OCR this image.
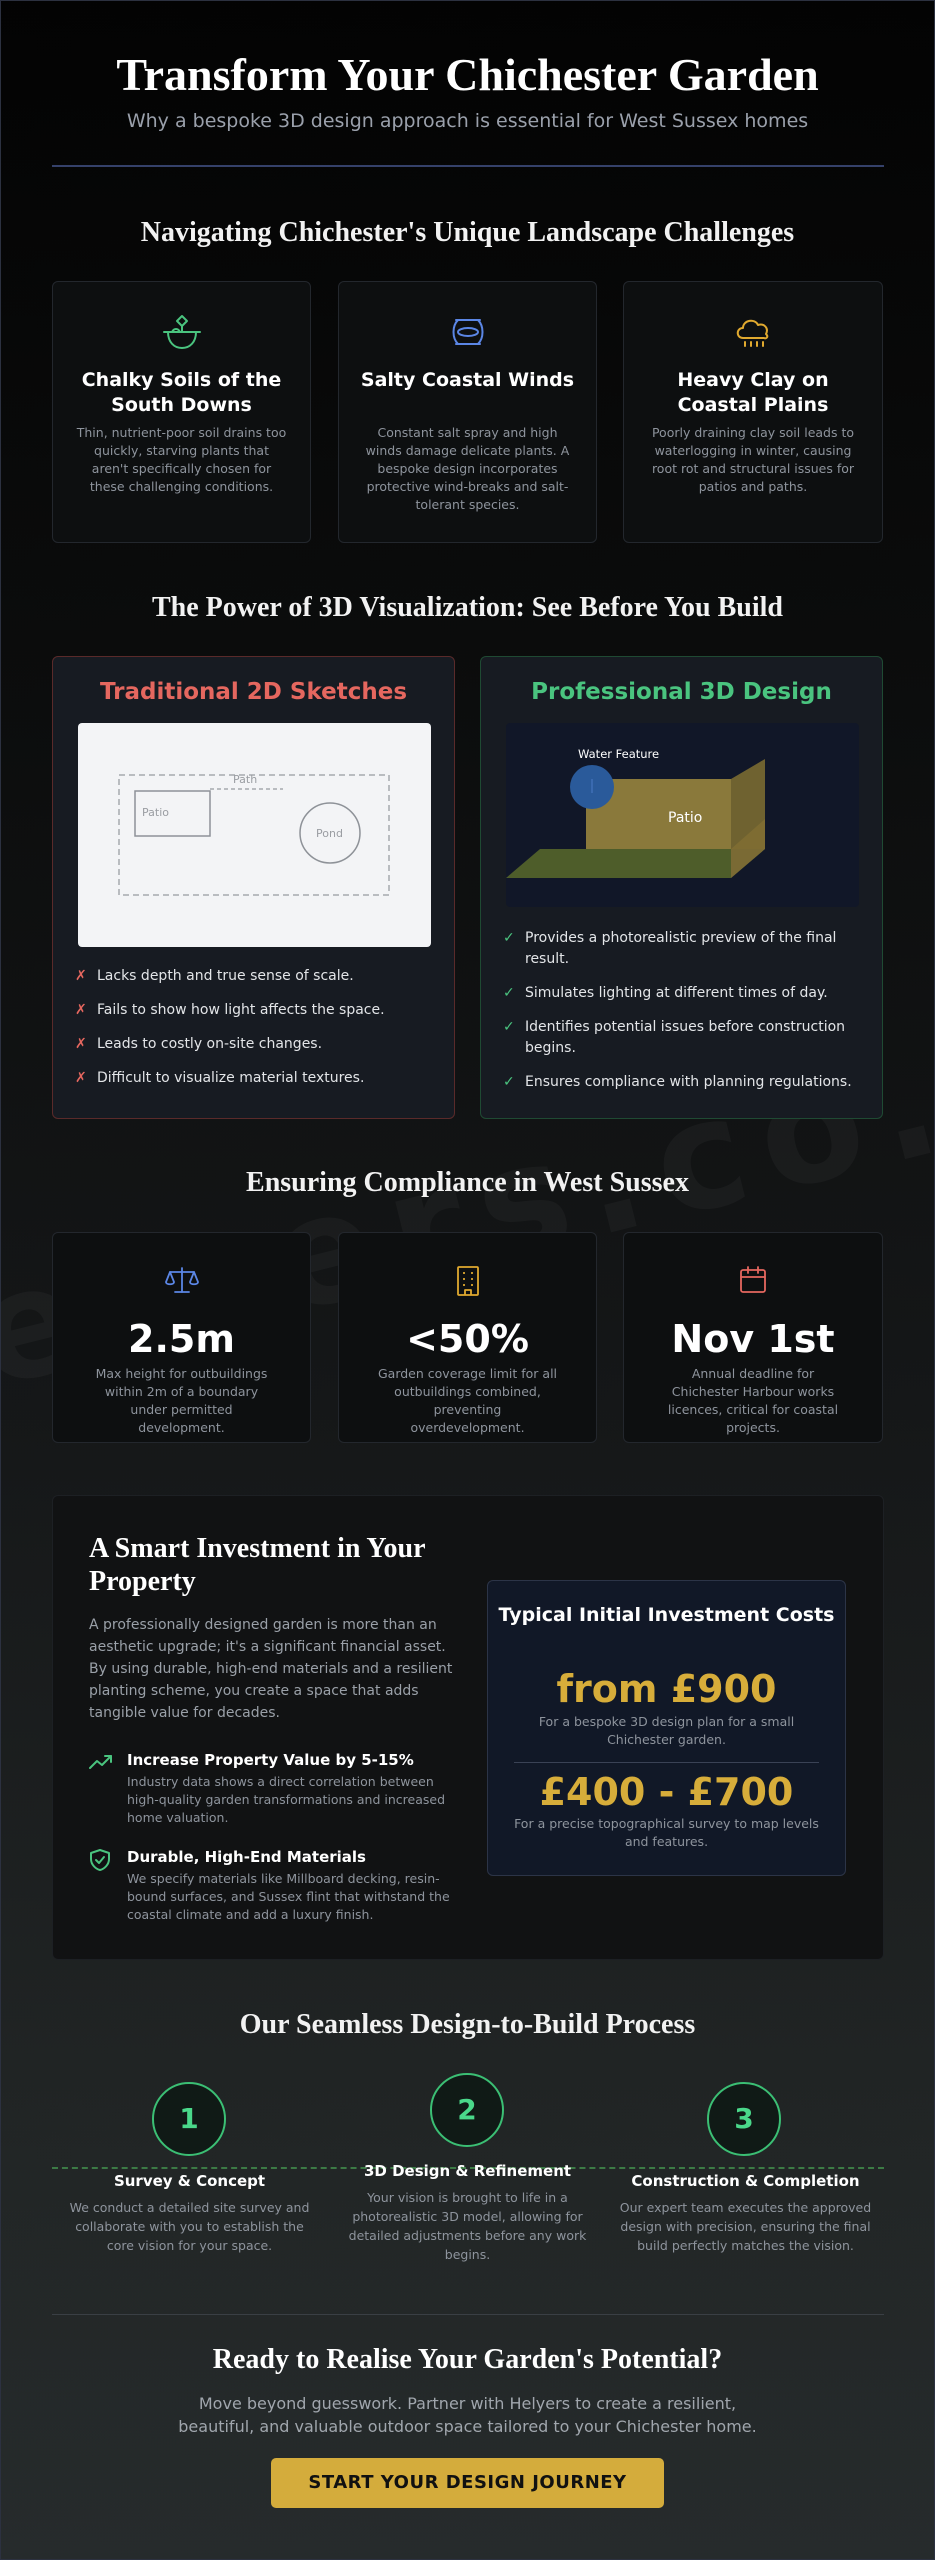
Transform Your Chichester Garden

Why a bespoke 3D design approach is essential for West Sussex homes

Navigating Chichester's Unique Landscape Challenges
Chalky Soils of the South Downs
Thin, nutrient-poor soil drains too quickly, starving plants that aren't specifically chosen for these challenging conditions.
Salty Coastal Winds
Constant salt spray and high winds damage delicate plants. A bespoke design incorporates protective wind-breaks and salt-tolerant species.
Heavy Clay on Coastal Plains
Poorly draining clay soil leads to waterlogging in winter, causing root rot and structural issues for patios and paths.
The Power of 3D Visualization: See Before You Build
Traditional 2D Sketches
Path
Patio
Pond
✗ Lacks depth and true sense of scale.
✗ Fails to show how light affects the space.
✗ Leads to costly on-site changes.
✗ Difficult to visualize material textures.
Professional 3D Design
Water Feature
Patio
✓ Provides a photorealistic preview of the final result.
✓ Simulates lighting at different times of day.
✓ Identifies potential issues before construction begins.
✓ Ensures compliance with planning regulations.
Ensuring Compliance in West Sussex
2.5m
Max height for outbuildings within 2m of a boundary under permitted development.
<50%
Garden coverage limit for all outbuildings combined, preventing overdevelopment.
Nov 1st
Annual deadline for Chichester Harbour works licences, critical for coastal projects.
A Smart Investment in Your Property

A professionally designed garden is more than an aesthetic upgrade; it's a significant financial asset. By using durable, high-end materials and a resilient planting scheme, you create a space that adds tangible value for decades.

Increase Property Value by 5-15%
Industry data shows a direct correlation between high-quality garden transformations and increased home valuation.
Durable, High-End Materials
We specify materials like Millboard decking, resin-bound surfaces, and Sussex flint that withstand the coastal climate and add a luxury finish.
Typical Initial Investment Costs
from £900
For a bespoke 3D design plan for a small Chichester garden.
£400 - £700
For a precise topographical survey to map levels and features.
Our Seamless Design-to-Build Process
1
Survey & Concept
We conduct a detailed site survey and collaborate with you to establish the core vision for your space.
2
3D Design & Refinement
Your vision is brought to life in a photorealistic 3D model, allowing for detailed adjustments before any work begins.
3
Construction & Completion
Our expert team executes the approved design with precision, ensuring the final build perfectly matches the vision.
Ready to Realise Your Garden's Potential?

Move beyond guesswork. Partner with Helyers to create a resilient, beautiful, and valuable outdoor space tailored to your Chichester home.

START YOUR DESIGN JOURNEY
